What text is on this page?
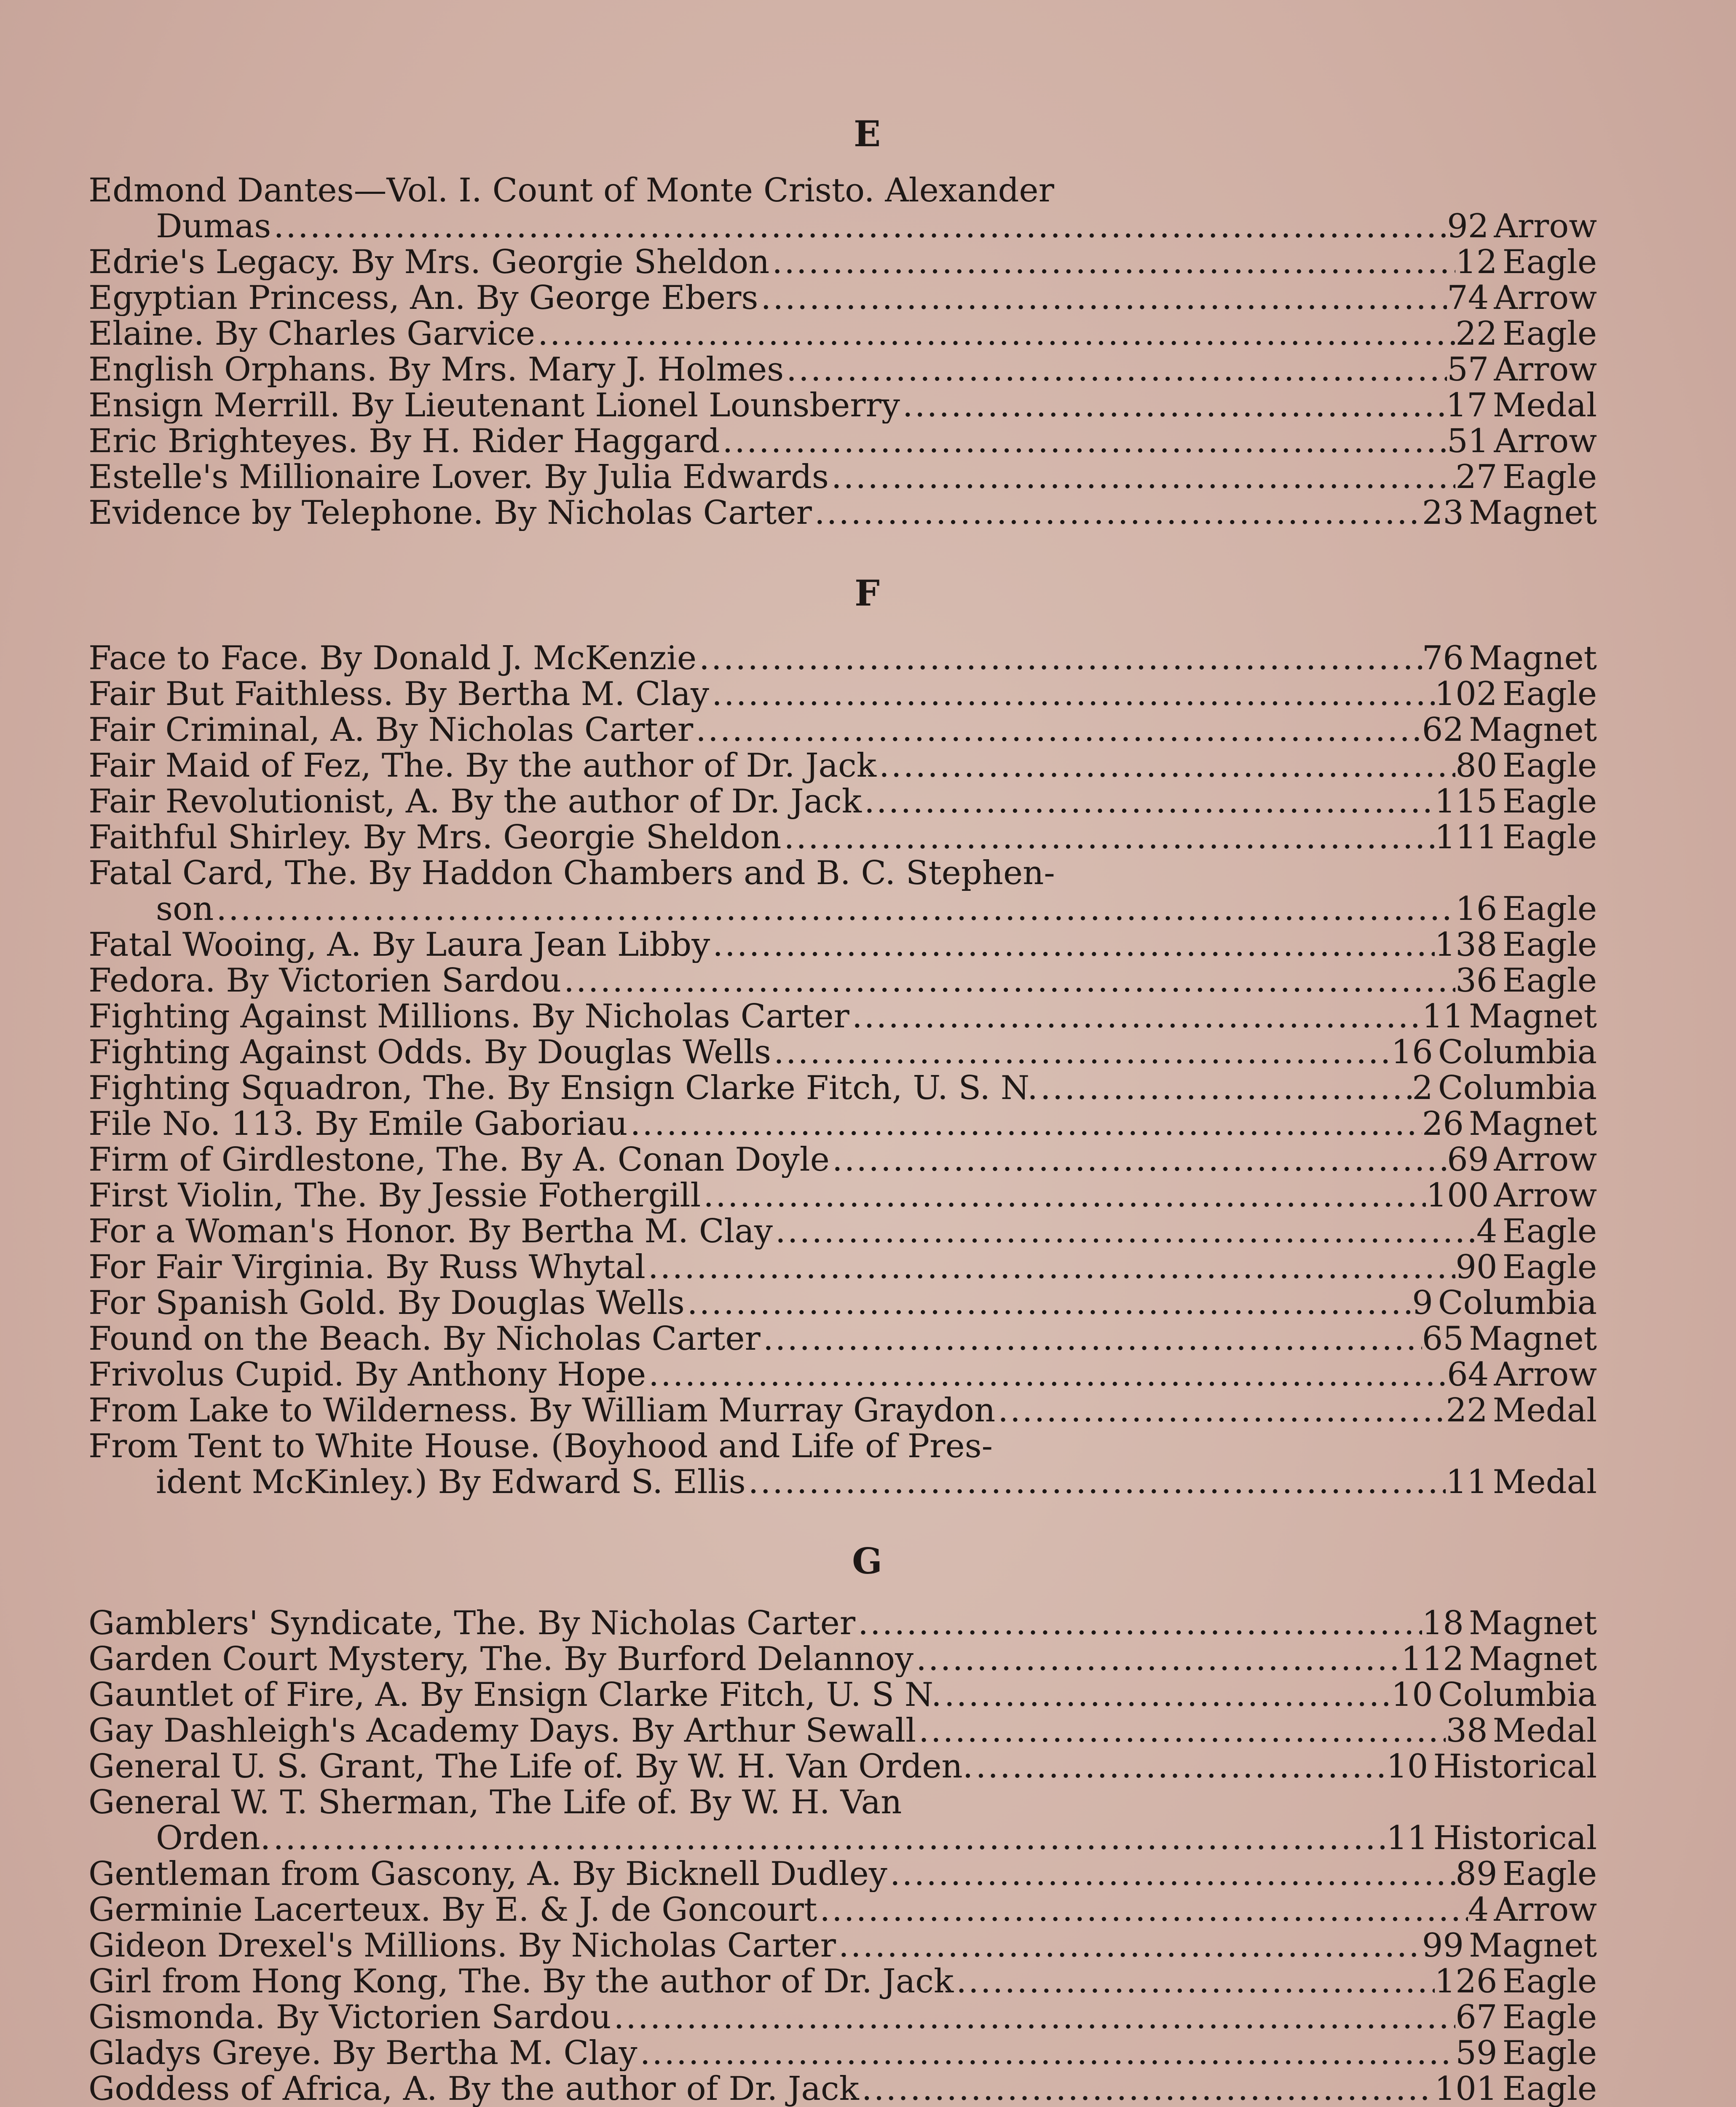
E
F
G
Edmond Dantes—Vol. I. Count of Monte Cristo. Alexander
Dumas .....	92 Arrow
Edrie's Legacy. By Mrs. Georgie Sheldon .....	12 Eagle
Egyptian Princess, An. By George Ebers .....	74 Arrow
Elaine. By Charles Garvice .....	22 Eagle
English Orphans. By Mrs. Mary J. Holmes .....	57 Arrow
Ensign Merrill. By Lieutenant Lionel Lounsberry .....	17 Medal
Eric Brighteyes. By H. Rider Haggard .....	51 Arrow
Estelle's Millionaire Lover. By Julia Edwards .....	27 Eagle
Evidence by Telephone. By Nicholas Carter .....	23 Magnet
Face to Face. By Donald J. McKenzie .....	76 Magnet
Fair But Faithless. By Bertha M. Clay .....	102 Eagle
Fair Criminal, A. By Nicholas Carter .....	62 Magnet
Fair Maid of Fez, The. By the author of Dr. Jack .....	80 Eagle
Fair Revolutionist, A. By the author of Dr. Jack .....	115 Eagle
Faithful Shirley. By Mrs. Georgie Sheldon .....	111 Eagle
Fatal Card, The. By Haddon Chambers and B. C. Stephen-
son .....	16 Eagle
Fatal Wooing, A. By Laura Jean Libby .....	138 Eagle
Fedora. By Victorien Sardou .....	36 Eagle
Fighting Against Millions. By Nicholas Carter .....	11 Magnet
Fighting Against Odds. By Douglas Wells .....	16 Columbia
Fighting Squadron, The. By Ensign Clarke Fitch, U. S. N. .....	2 Columbia
File No. 113. By Emile Gaboriau .....	26 Magnet
Firm of Girdlestone, The. By A. Conan Doyle .....	69 Arrow
First Violin, The. By Jessie Fothergill .....	100 Arrow
For a Woman's Honor. By Bertha M. Clay .....	4 Eagle
For Fair Virginia. By Russ Whytal .....	90 Eagle
For Spanish Gold. By Douglas Wells .....	9 Columbia
Found on the Beach. By Nicholas Carter .....	65 Magnet
Frivolus Cupid. By Anthony Hope .....	64 Arrow
From Lake to Wilderness. By William Murray Graydon .....	22 Medal
From Tent to White House. (Boyhood and Life of Pres-
ident McKinley.) By Edward S. Ellis .....	11 Medal
Gamblers' Syndicate, The. By Nicholas Carter .....	18 Magnet
Garden Court Mystery, The. By Burford Delannoy .....	112 Magnet
Gauntlet of Fire, A. By Ensign Clarke Fitch, U. S N. .....	10 Columbia
Gay Dashleigh's Academy Days. By Arthur Sewall .....	38 Medal
General U. S. Grant, The Life of. By W. H. Van Orden. .....	10 Historical
General W. T. Sherman, The Life of. By W. H. Van
Orden. .....	11 Historical
Gentleman from Gascony, A. By Bicknell Dudley .....	89 Eagle
Germinie Lacerteux. By E. & J. de Goncourt .....	4 Arrow
Gideon Drexel's Millions. By Nicholas Carter .....	99 Magnet
Girl from Hong Kong, The. By the author of Dr. Jack .....	126 Eagle
Gismonda. By Victorien Sardou .....	67 Eagle
Gladys Greye. By Bertha M. Clay .....	59 Eagle
Goddess of Africa, A. By the author of Dr. Jack .....	101 Eagle
